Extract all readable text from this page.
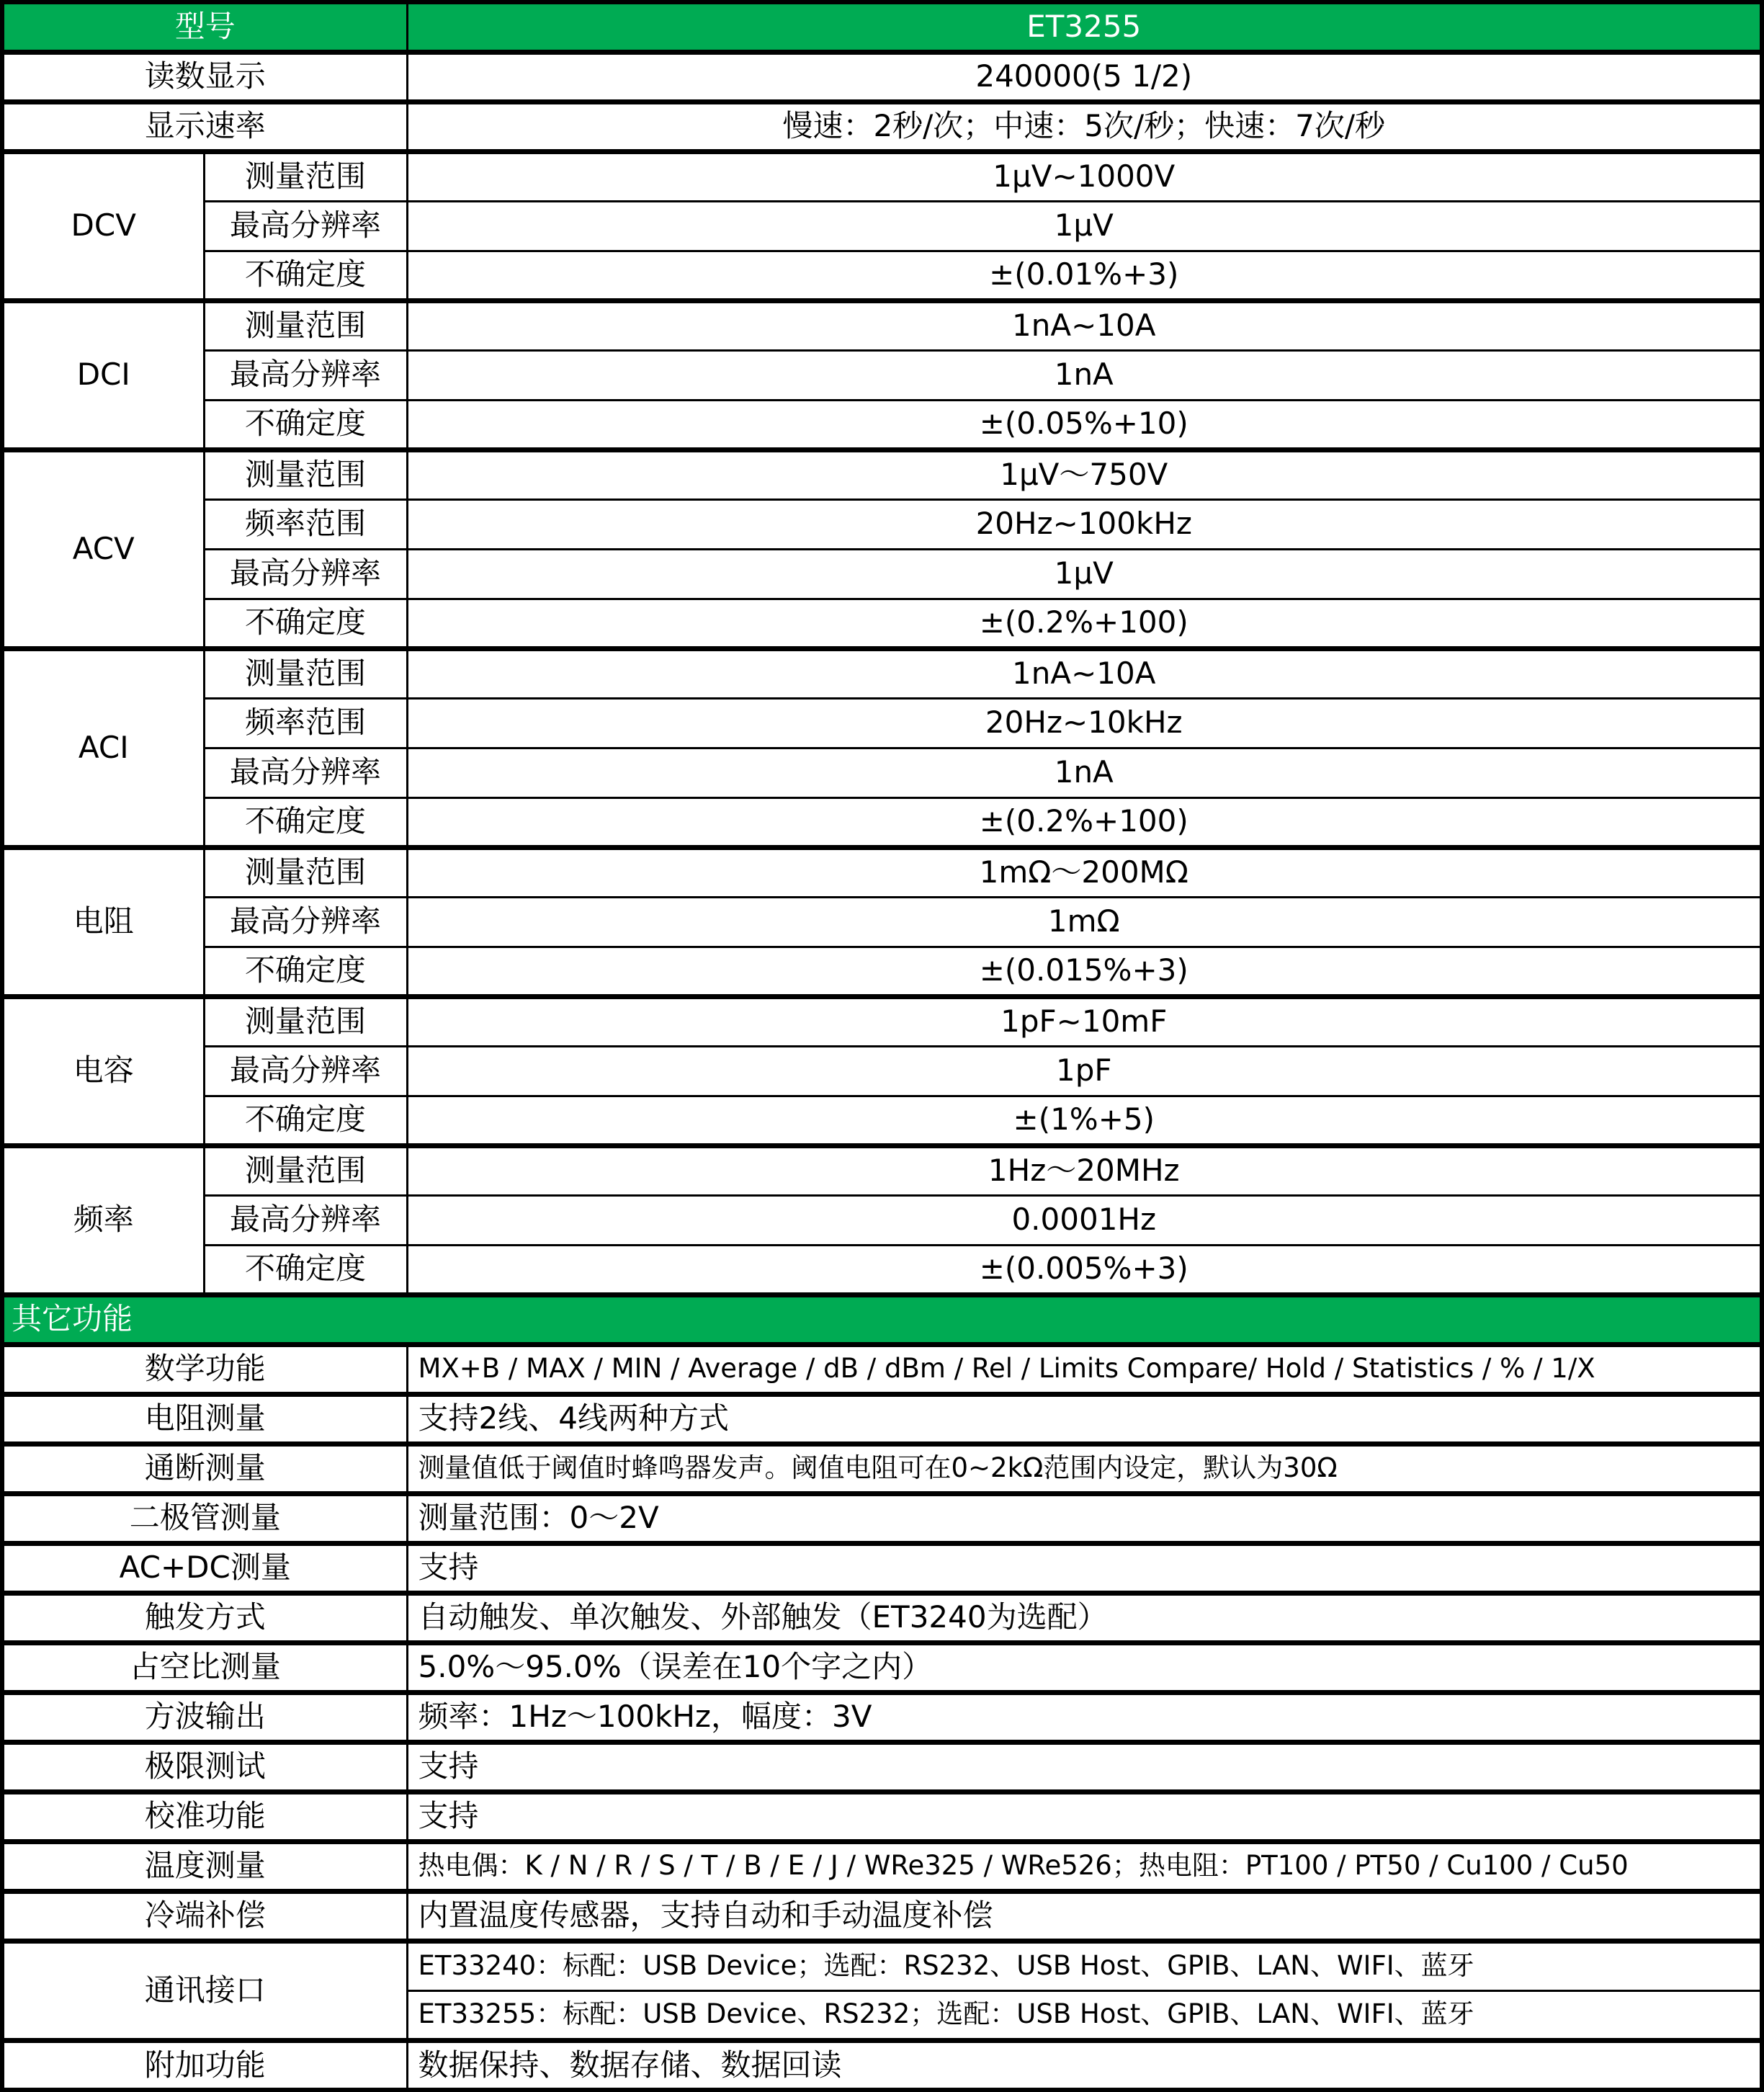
型号		ET3255
读数显示		240000(5 1/2)
显示速率		慢速：2秒/次；中速：5次/秒；快速：7次/秒
DCV	测量范围	1μV~1000V
	最高分辨率	1μV
	不确定度	±(0.01%+3)
DCI	测量范围	1nA~10A
	最高分辨率	1nA
	不确定度	±(0.05%+10)
ACV	测量范围	1μV～750V
	频率范围	20Hz~100kHz
	最高分辨率	1μV
	不确定度	±(0.2%+100)
ACI	测量范围	1nA~10A
	频率范围	20Hz~10kHz
	最高分辨率	1nA
	不确定度	±(0.2%+100)
电阻	测量范围	1mΩ～200MΩ
	最高分辨率	1mΩ
	不确定度	±(0.015%+3)
电容	测量范围	1pF~10mF
	最高分辨率	1pF
	不确定度	±(1%+5)
频率	测量范围	1Hz～20MHz
	最高分辨率	0.0001Hz
	不确定度	±(0.005%+3)
其它功能		
数学功能		MX+B / MAX / MIN / Average / dB / dBm / Rel / Limits Compare/ Hold / Statistics / % / 1/X
电阻测量		支持2线、4线两种方式
通断测量		测量值低于阈值时蜂鸣器发声。阈值电阻可在0~2kΩ范围内设定，默认为30Ω
二极管测量		测量范围：0～2V
AC+DC测量		支持
触发方式		自动触发、单次触发、外部触发（ET3240为选配）
占空比测量		5.0%～95.0%（误差在10个字之内）
方波输出		频率：1Hz～100kHz，幅度：3V
极限测试		支持
校准功能		支持
温度测量		热电偶：K / N / R / S / T / B / E / J / WRe325 / WRe526；热电阻：PT100 / PT50 / Cu100 / Cu50
冷端补偿		内置温度传感器，支持自动和手动温度补偿
通讯接口		ET33240：标配：USB Device；选配：RS232、USB Host、GPIB、LAN、WIFI、蓝牙
		ET33255：标配：USB Device、RS232；选配：USB Host、GPIB、LAN、WIFI、蓝牙
附加功能		数据保持、数据存储、数据回读
